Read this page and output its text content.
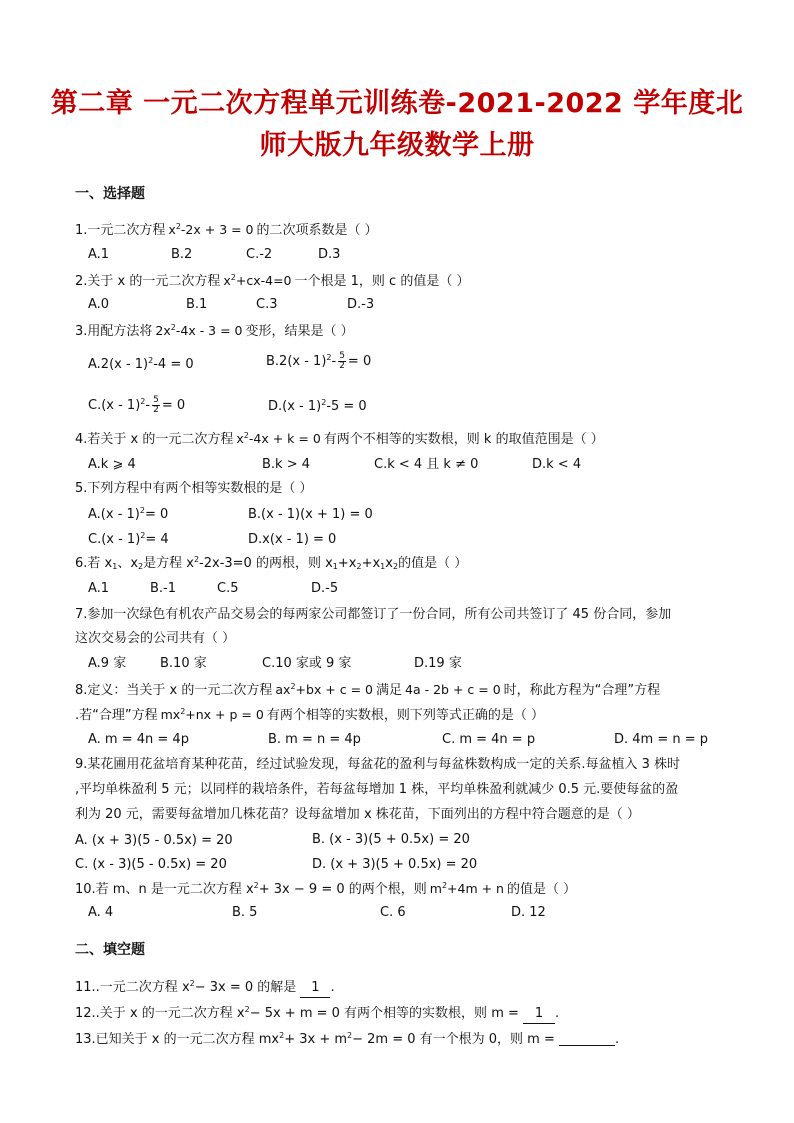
第二章 一元二次方程单元训练卷-2021-2022 学年度北
师大版九年级数学上册
一、选择题
1.一元二次方程 $x^2-2x + 3 = 0$ 的二次项系数是（ ）
A.1	B.2	C.-2	D.3
2.关于 x 的一元二次方程 $x^2+cx-4=0$ 一个根是 1，则 c 的值是（ ）
A.0	B.1	C.3	D.-3
3.用配方法将 $2x^2-4x - 3 = 0$ 变形，结果是（ ）
A.2(x - 1)$^2$-4 = 0	$B.2(x - 1)^2- \frac{5}{2} = 0$
$C.(x - 1)^2- \frac{5}{2} = 0$	D.(x - 1)$^2$-5 = 0
4.若关于 x 的一元二次方程 $x^2-4x + k = 0$ 有两个不相等的实数根，则 k 的取值范围是（ ）
A.k ⩾ 4	B.k > 4	C.k < 4 且 k ≠ 0	D.k < 4
5.下列方程中有两个相等实数根的是（ ）
A.(x - 1)$^2$= 0	B.(x - 1)(x + 1) = 0
C.(x - 1)$^2$= 4	D.x(x - 1) = 0
6.若 $x_1$、$x_2$是方程 $x^2-2x-3=0$ 的两根，则 $x_1+x_2+x_1x_2$的值是（ ）
A.1	B.-1	C.5	D.-5
7.参加一次绿色有机农产品交易会的每两家公司都签订了一份合同，所有公司共签订了 45 份合同，参加
这次交易会的公司共有（ ）
A.9 家	B.10 家	C.10 家或 9 家	D.19 家
8.定义：当关于 x 的一元二次方程 $ax^2+bx + c = 0$ 满足 4a - 2b + c = 0 时，称此方程为“合理”方程
.若“合理”方程 $mx^2+nx + p = 0$ 有两个相等的实数根，则下列等式正确的是（ ）
A. m = 4n = 4p	B. m = n = 4p	C. m = 4n = p	D. 4m = n = p
9.某花圃用花盆培育某种花苗，经过试验发现，每盆花的盈利与每盆株数构成一定的关系.每盆植入 3 株时
,平均单株盈利 5 元；以同样的栽培条件，若每盆每增加 1 株，平均单株盈利就减少 0.5 元.要使每盆的盈
利为 20 元，需要每盆增加几株花苗？设每盆增加 x 株花苗，下面列出的方程中符合题意的是（ ）
A. (x + 3)(5 - 0.5x) = 20	B. (x - 3)(5 + 0.5x) = 20
C. (x - 3)(5 - 0.5x) = 20	D. (x + 3)(5 + 0.5x) = 20
10.若 m、n 是一元二次方程 $x^2+ 3x - 9 = 0$ 的两个根，则 $m^2+4m + n$ 的值是（ ）
A. 4	B. 5	C. 6	D. 12
二、填空题
11..一元二次方程 $x^2- 3x = 0$ 的解是 1 .
12..关于 x 的一元二次方程 $x^2- 5x + m = 0$ 有两个相等的实数根，则 m = 1 .
13.已知关于 x 的一元二次方程 $mx^2+ 3x + m^2- 2m = 0$ 有一个根为 0，则 m =	.
